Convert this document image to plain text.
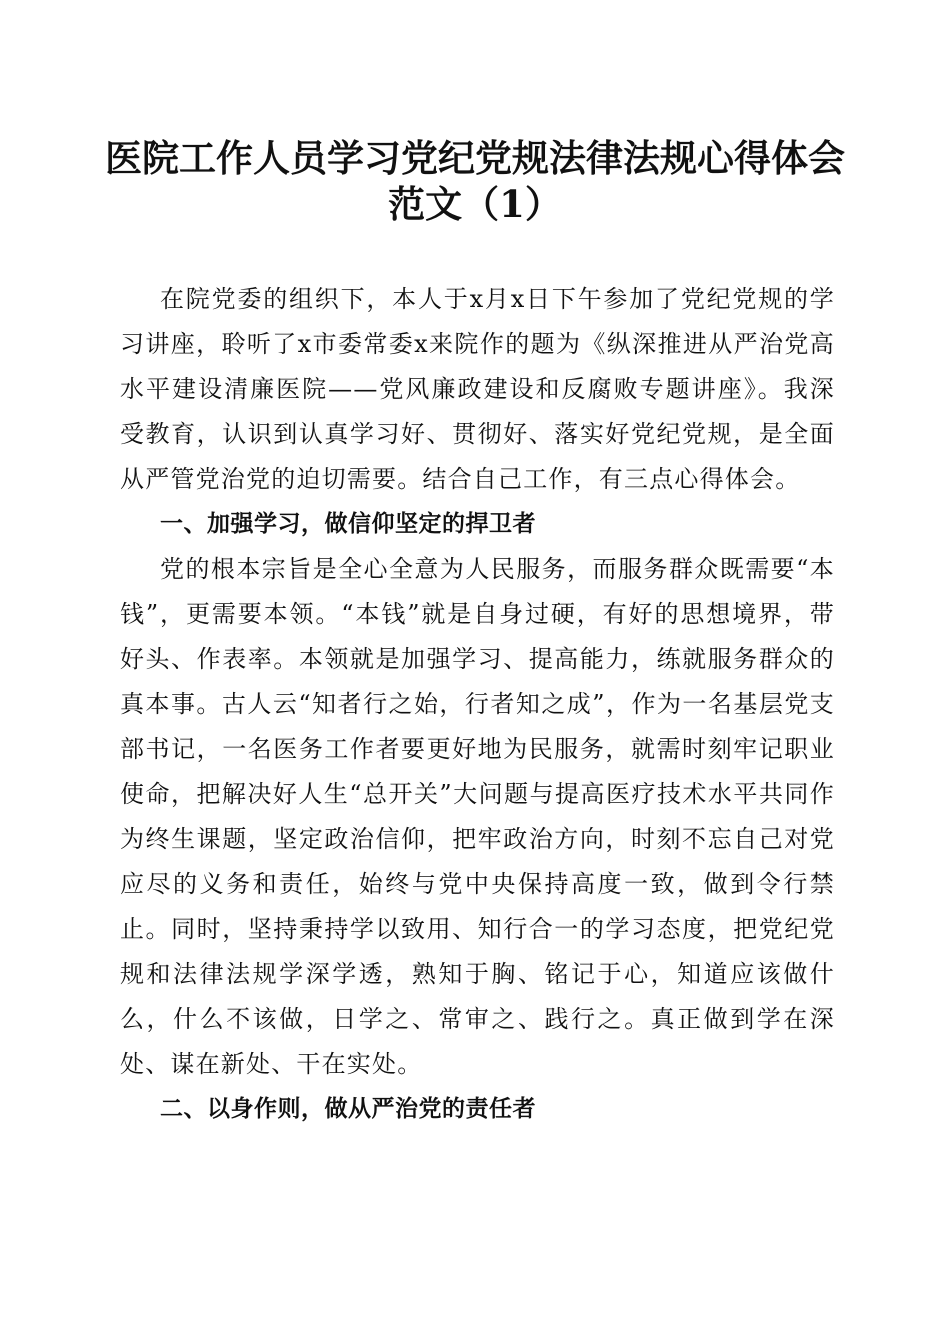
医院工作人员学习党纪党规法律法规心得体会
范文（1）

在院党委的组织下，本人于x月x日下午参加了党纪党规的学习讲座，聆听了x市委常委x来院作的题为《纵深推进从严治党高水平建设清廉医院——党风廉政建设和反腐败专题讲座》。我深受教育，认识到认真学习好、贯彻好、落实好党纪党规，是全面从严管党治党的迫切需要。结合自己工作，有三点心得体会。

一、加强学习，做信仰坚定的捍卫者

党的根本宗旨是全心全意为人民服务，而服务群众既需要“本钱”，更需要本领。“本钱”就是自身过硬，有好的思想境界，带好头、作表率。本领就是加强学习、提高能力，练就服务群众的真本事。古人云“知者行之始，行者知之成”，作为一名基层党支部书记，一名医务工作者要更好地为民服务，就需时刻牢记职业使命，把解决好人生“总开关”大问题与提高医疗技术水平共同作为终生课题，坚定政治信仰，把牢政治方向，时刻不忘自己对党应尽的义务和责任，始终与党中央保持高度一致，做到令行禁止。同时，坚持秉持学以致用、知行合一的学习态度，把党纪党规和法律法规学深学透，熟知于胸、铭记于心，知道应该做什么，什么不该做，日学之、常审之、践行之。真正做到学在深处、谋在新处、干在实处。

二、以身作则，做从严治党的责任者
